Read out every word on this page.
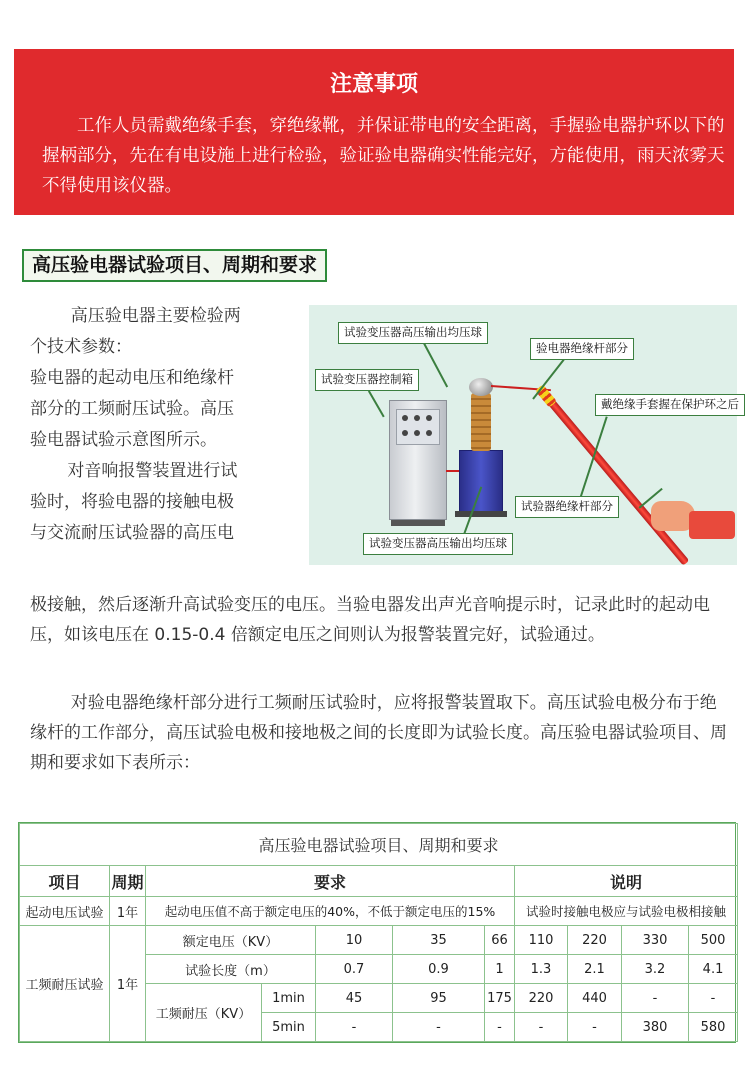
注意事项
工作人员需戴绝缘手套，穿绝缘靴，并保证带电的安全距离，手握验电器护环以下的握柄部分，先在有电设施上进行检验，验证验电器确实性能完好，方能使用，雨天浓雾天不得使用该仪器。
高压验电器试验项目、周期和要求
高压验电器主要检验两
个技术参数：
验电器的起动电压和绝缘杆
部分的工频耐压试验。高压
验电器试验示意图所示。
对音响报警装置进行试
验时，将验电器的接触电极
与交流耐压试验器的高压电
试验变压器高压输出均压球
验电器绝缘杆部分
试验变压器控制箱
戴绝缘手套握在保护环之后
试验器绝缘杆部分
试验变压器高压输出均压球
极接触，然后逐渐升高试验变压的电压。当验电器发出声光音响提示时，记录此时的起动电压，如该电压在 0.15-0.4 倍额定电压之间则认为报警装置完好，试验通过。
对验电器绝缘杆部分进行工频耐压试验时，应将报警装置取下。高压试验电极分布于绝缘杆的工作部分，高压试验电极和接地极之间的长度即为试验长度。高压验电器试验项目、周期和要求如下表所示：
高压验电器试验项目、周期和要求										
项目	周期	要求					说明			
起动电压试验	1年	起动电压值不高于额定电压的40%，不低于额定电压的15%					试验时接触电极应与试验电极相接触			
工频耐压试验	1年	额定电压（KV）		10	35	66	110	220	330	500
		试验长度（m）		0.7	0.9	1	1.3	2.1	3.2	4.1
		工频耐压（KV）	1min	45	95	175	220	440	-	-
			5min	-	-	-	-	-	380	580
